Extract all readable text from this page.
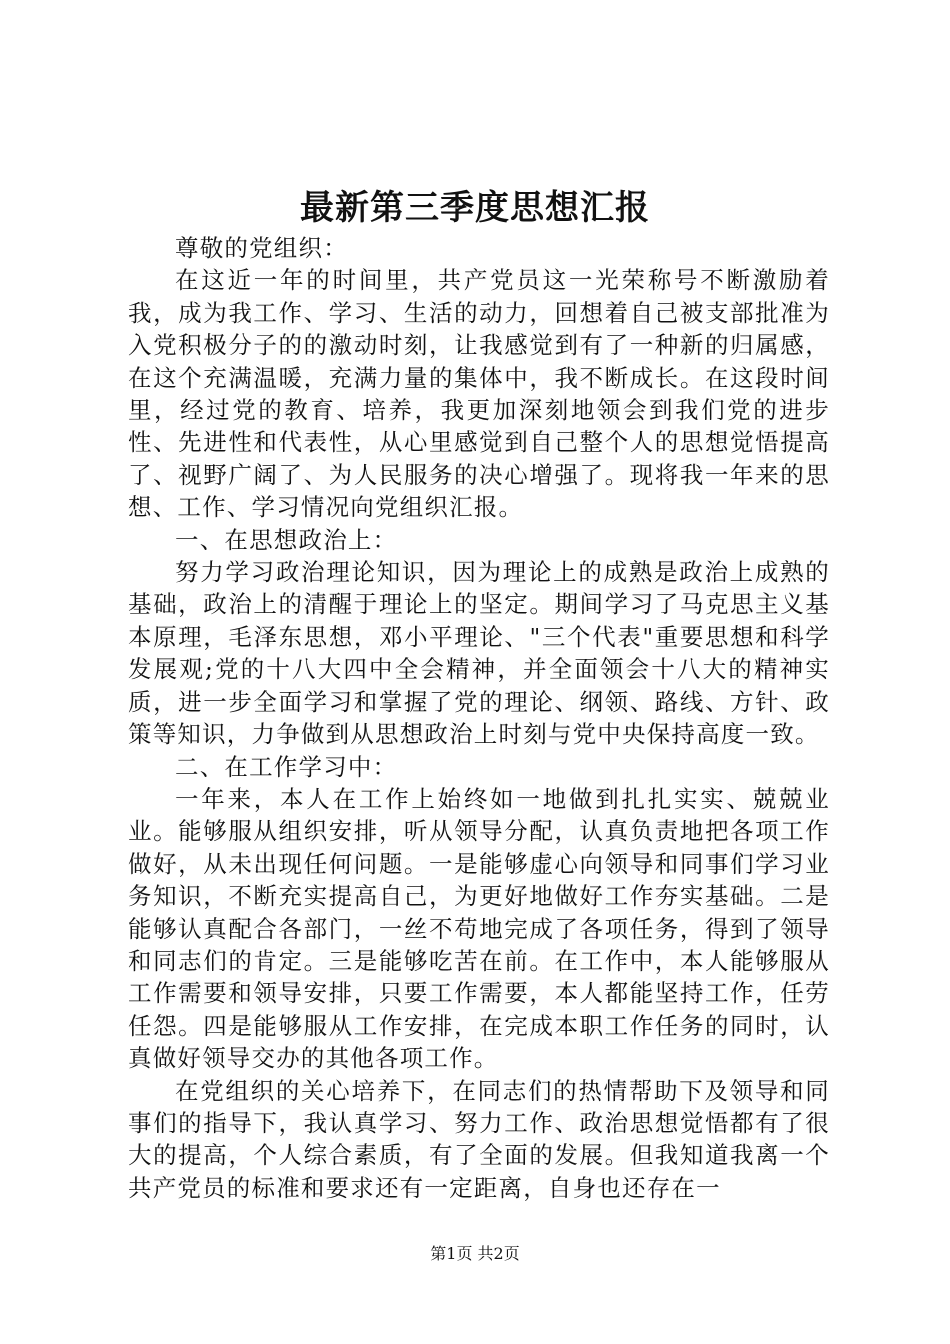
最新第三季度思想汇报

尊敬的党组织：

在这近一年的时间里，共产党员这一光荣称号不断激励着我，成为我工作、学习、生活的动力，回想着自己被支部批准为入党积极分子的的激动时刻，让我感觉到有了一种新的归属感，在这个充满温暖，充满力量的集体中，我不断成长。在这段时间里，经过党的教育、培养，我更加深刻地领会到我们党的进步性、先进性和代表性，从心里感觉到自己整个人的思想觉悟提高了、视野广阔了、为人民服务的决心增强了。现将我一年来的思想、工作、学习情况向党组织汇报。

一、在思想政治上：

努力学习政治理论知识，因为理论上的成熟是政治上成熟的基础，政治上的清醒于理论上的坚定。期间学习了马克思主义基本原理，毛泽东思想，邓小平理论、"三个代表"重要思想和科学发展观;党的十八大四中全会精神，并全面领会十八大的精神实质，进一步全面学习和掌握了党的理论、纲领、路线、方针、政策等知识，力争做到从思想政治上时刻与党中央保持高度一致。

二、在工作学习中：

一年来，本人在工作上始终如一地做到扎扎实实、兢兢业业。能够服从组织安排，听从领导分配，认真负责地把各项工作做好，从未出现任何问题。一是能够虚心向领导和同事们学习业务知识，不断充实提高自己，为更好地做好工作夯实基础。二是能够认真配合各部门，一丝不苟地完成了各项任务，得到了领导和同志们的肯定。三是能够吃苦在前。在工作中，本人能够服从工作需要和领导安排，只要工作需要，本人都能坚持工作，任劳任怨。四是能够服从工作安排，在完成本职工作任务的同时，认真做好领导交办的其他各项工作。

在党组织的关心培养下，在同志们的热情帮助下及领导和同事们的指导下，我认真学习、努力工作、政治思想觉悟都有了很大的提高，个人综合素质，有了全面的发展。但我知道我离一个共产党员的标准和要求还有一定距离，自身也还存在一

第1页 共2页
